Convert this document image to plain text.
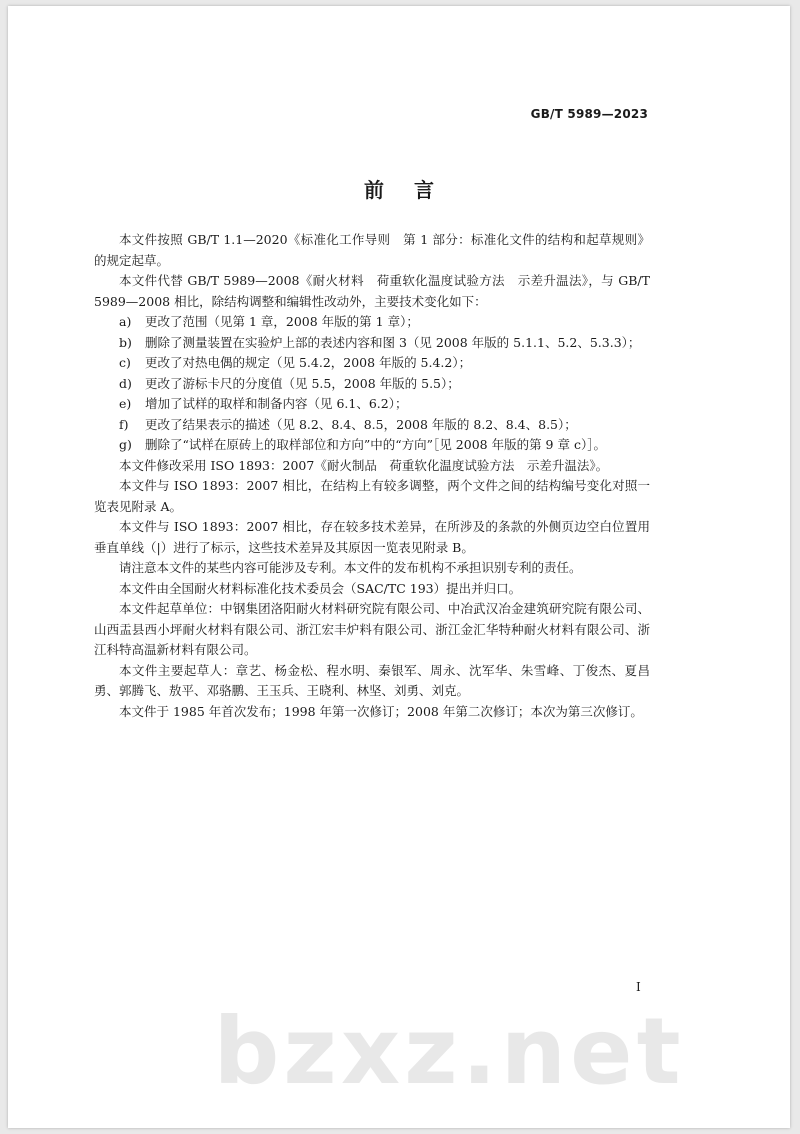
GB/T 5989—2023
前言

本文件按照 GB/T 1.1—2020《标准化工作导则　第 1 部分：标准化文件的结构和起草规则》的规定起草。

本文件代替 GB/T 5989—2008《耐火材料　荷重软化温度试验方法　示差升温法》，与 GB/T 5989—2008 相比，除结构调整和编辑性改动外，主要技术变化如下：

a) 更改了范围（见第 1 章，2008 年版的第 1 章）；

b) 删除了测量装置在实验炉上部的表述内容和图 3（见 2008 年版的 5.1.1、5.2、5.3.3）；

c) 更改了对热电偶的规定（见 5.4.2，2008 年版的 5.4.2）；

d) 更改了游标卡尺的分度值（见 5.5，2008 年版的 5.5）；

e) 增加了试样的取样和制备内容（见 6.1、6.2）；

f) 更改了结果表示的描述（见 8.2、8.4、8.5，2008 年版的 8.2、8.4、8.5）；

g) 删除了“试样在原砖上的取样部位和方向”中的“方向”［见 2008 年版的第 9 章 c）］。

本文件修改采用 ISO 1893：2007《耐火制品　荷重软化温度试验方法　示差升温法》。

本文件与 ISO 1893：2007 相比，在结构上有较多调整，两个文件之间的结构编号变化对照一览表见附录 A。

本文件与 ISO 1893：2007 相比，存在较多技术差异，在所涉及的条款的外侧页边空白位置用垂直单线（|）进行了标示，这些技术差异及其原因一览表见附录 B。

请注意本文件的某些内容可能涉及专利。本文件的发布机构不承担识别专利的责任。

本文件由全国耐火材料标准化技术委员会（SAC/TC 193）提出并归口。

本文件起草单位：中钢集团洛阳耐火材料研究院有限公司、中冶武汉冶金建筑研究院有限公司、山西盂县西小坪耐火材料有限公司、浙江宏丰炉料有限公司、浙江金汇华特种耐火材料有限公司、浙江科特高温新材料有限公司。

本文件主要起草人：章艺、杨金松、程水明、秦银军、周永、沈军华、朱雪峰、丁俊杰、夏昌勇、郭腾飞、敖平、邓骆鹏、王玉兵、王晓利、林坚、刘勇、刘克。

本文件于 1985 年首次发布；1998 年第一次修订；2008 年第二次修订；本次为第三次修订。

I
bzxz.net
